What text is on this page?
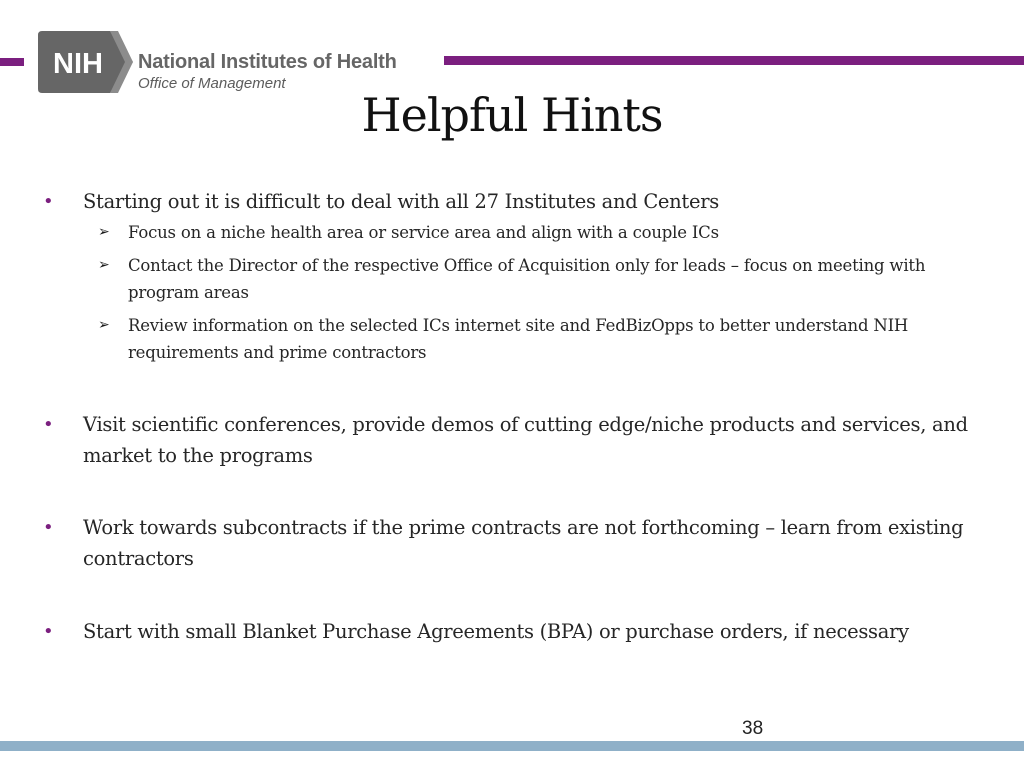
NIH National Institutes of Health
Office of Management
Helpful Hints
• Starting out it is difficult to deal with all 27 Institutes and Centers
➢ Focus on a niche health area or service area and align with a couple ICs
➢ Contact the Director of the respective Office of Acquisition only for leads – focus on meeting with program areas
➢ Review information on the selected ICs internet site and FedBizOpps to better understand NIH requirements and prime contractors
• Visit scientific conferences, provide demos of cutting edge/niche products and services, and market to the programs
• Work towards subcontracts if the prime contracts are not forthcoming – learn from existing contractors
• Start with small Blanket Purchase Agreements (BPA) or purchase orders, if necessary
38
